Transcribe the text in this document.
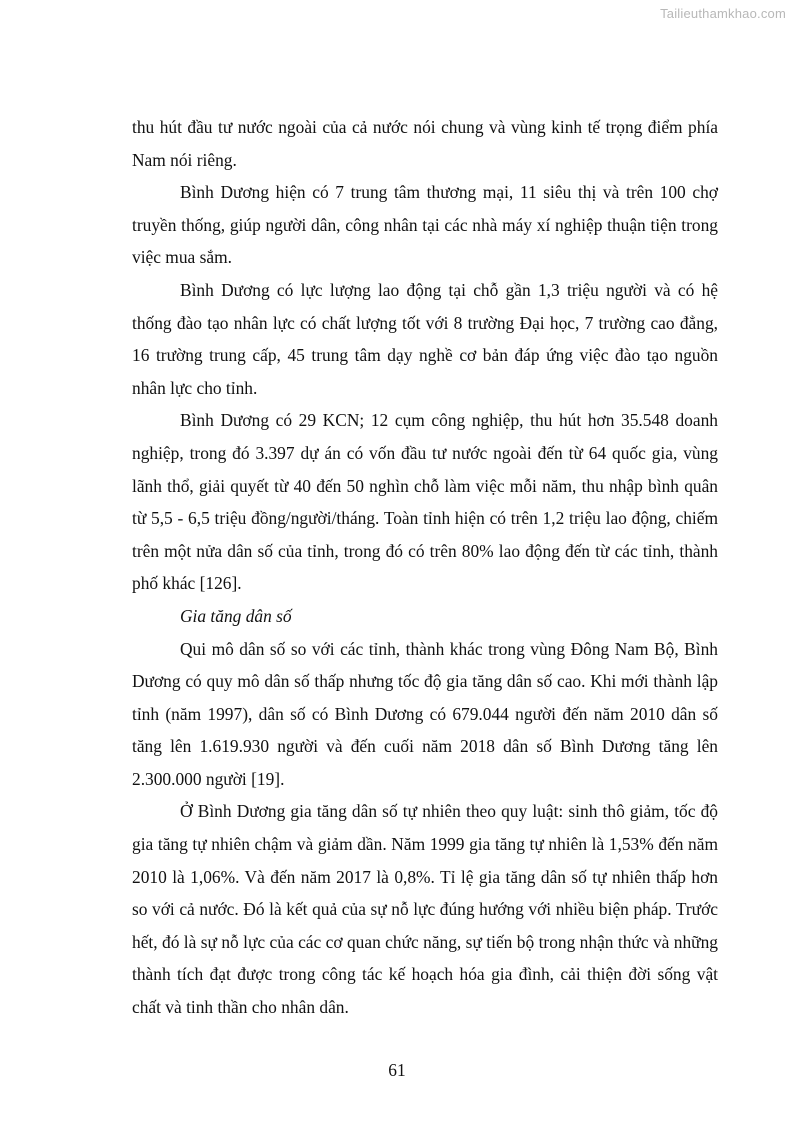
Tailieuthamkhao.com

thu hút đầu tư nước ngoài của cả nước nói chung và vùng kinh tế trọng điểm phía Nam nói riêng.

Bình Dương hiện có 7 trung tâm thương mại, 11 siêu thị và trên 100 chợ truyền thống, giúp người dân, công nhân tại các nhà máy xí nghiệp thuận tiện trong việc mua sắm.

Bình Dương có lực lượng lao động tại chỗ gần 1,3 triệu người và có hệ thống đào tạo nhân lực có chất lượng tốt với 8 trường Đại học, 7 trường cao đẳng, 16 trường trung cấp, 45 trung tâm dạy nghề cơ bản đáp ứng việc đào tạo nguồn nhân lực cho tỉnh.

Bình Dương có 29 KCN; 12 cụm công nghiệp, thu hút hơn 35.548 doanh nghiệp, trong đó 3.397 dự án có vốn đầu tư nước ngoài đến từ 64 quốc gia, vùng lãnh thổ, giải quyết từ 40 đến 50 nghìn chỗ làm việc mỗi năm, thu nhập bình quân từ 5,5 - 6,5 triệu đồng/người/tháng. Toàn tỉnh hiện có trên 1,2 triệu lao động, chiếm trên một nửa dân số của tỉnh, trong đó có trên 80% lao động đến từ các tỉnh, thành phố khác [126].

Gia tăng dân số

Qui mô dân số so với các tỉnh, thành khác trong vùng Đông Nam Bộ, Bình Dương có quy mô dân số thấp nhưng tốc độ gia tăng dân số cao. Khi mới thành lập tỉnh (năm 1997), dân số có Bình Dương có 679.044 người đến năm 2010 dân số tăng lên 1.619.930 người và đến cuối năm 2018 dân số Bình Dương tăng lên 2.300.000 người [19].

Ở Bình Dương gia tăng dân số tự nhiên theo quy luật: sinh thô giảm, tốc độ gia tăng tự nhiên chậm và giảm dần. Năm 1999 gia tăng tự nhiên là 1,53% đến năm 2010 là 1,06%. Và đến năm 2017 là 0,8%. Tỉ lệ gia tăng dân số tự nhiên thấp hơn so với cả nước. Đó là kết quả của sự nỗ lực đúng hướng với nhiều biện pháp. Trước hết, đó là sự nỗ lực của các cơ quan chức năng, sự tiến bộ trong nhận thức và những thành tích đạt được trong công tác kế hoạch hóa gia đình, cải thiện đời sống vật chất và tinh thần cho nhân dân.

61
